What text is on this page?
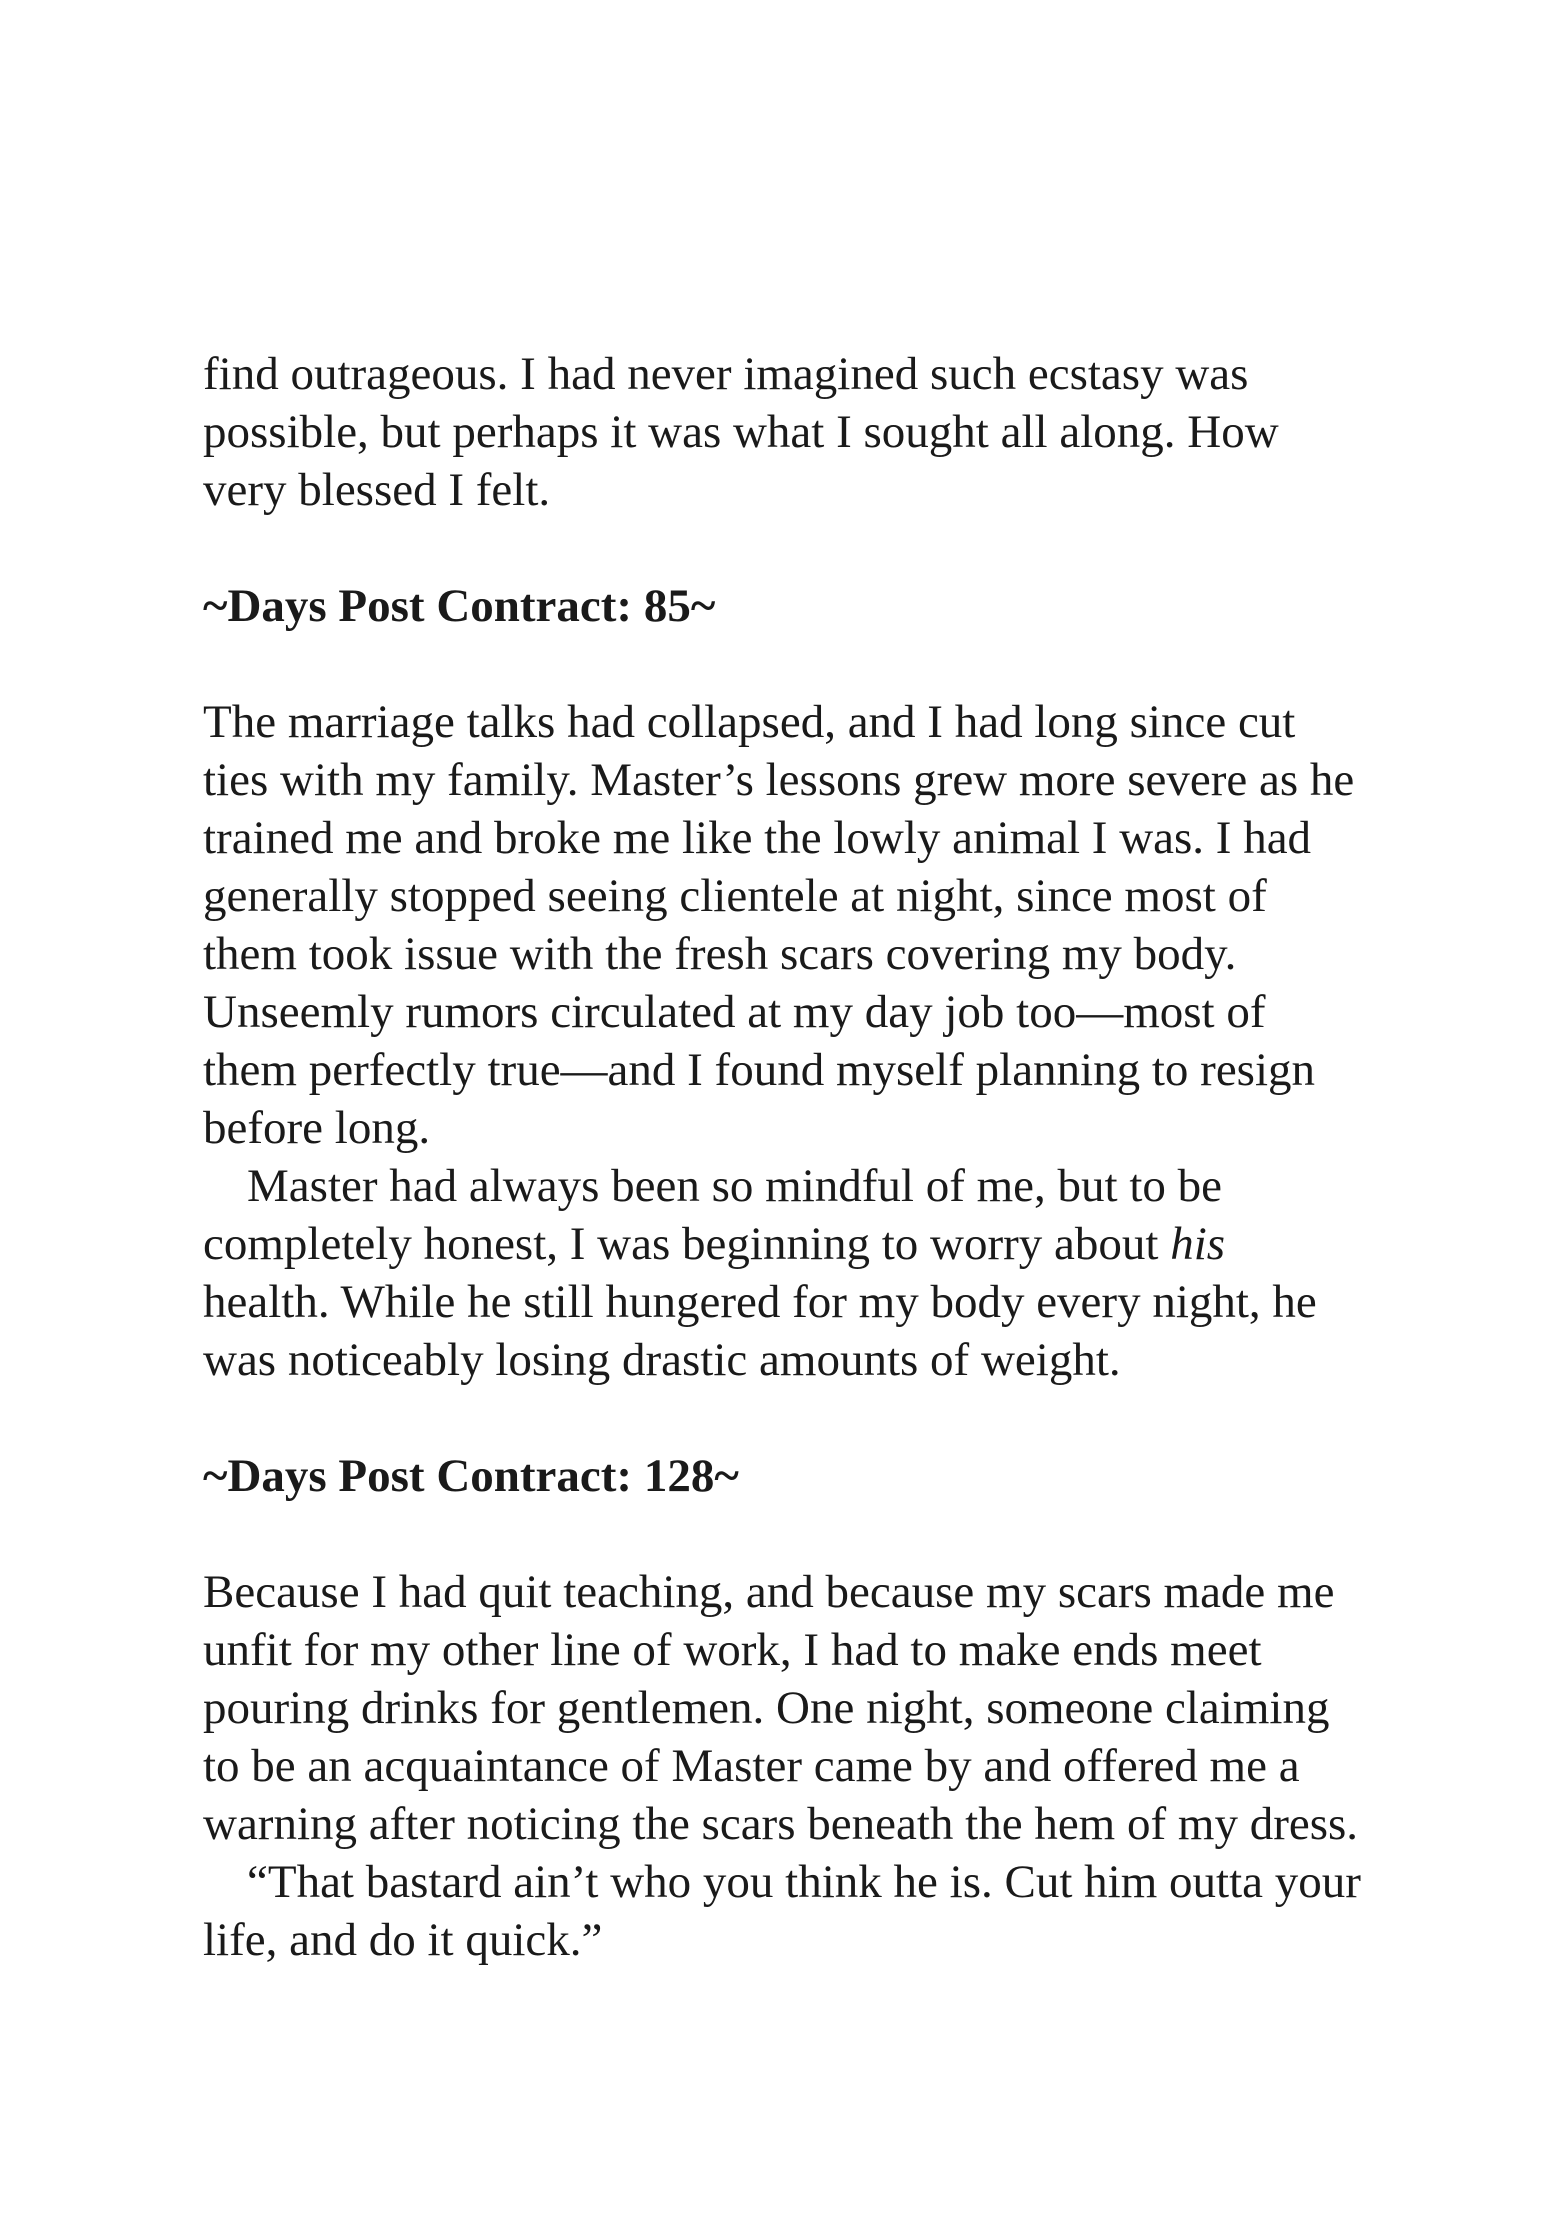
find outrageous. I had never imagined such ecstasy was possible, but perhaps it was what I sought all along. How very blessed I felt.

~Days Post Contract: 85~

The marriage talks had collapsed, and I had long since cut ties with my family. Master’s lessons grew more severe as he trained me and broke me like the lowly animal I was. I had generally stopped seeing clientele at night, since most of them took issue with the fresh scars covering my body. Unseemly rumors circulated at my day job too—most of them perfectly true—and I found myself planning to resign before long.

Master had always been so mindful of me, but to be completely honest, I was beginning to worry about his health. While he still hungered for my body every night, he was noticeably losing drastic amounts of weight.

~Days Post Contract: 128~

Because I had quit teaching, and because my scars made me unfit for my other line of work, I had to make ends meet pouring drinks for gentlemen. One night, someone claiming to be an acquaintance of Master came by and offered me a warning after noticing the scars beneath the hem of my dress.

“That bastard ain’t who you think he is. Cut him outta your life, and do it quick.”
